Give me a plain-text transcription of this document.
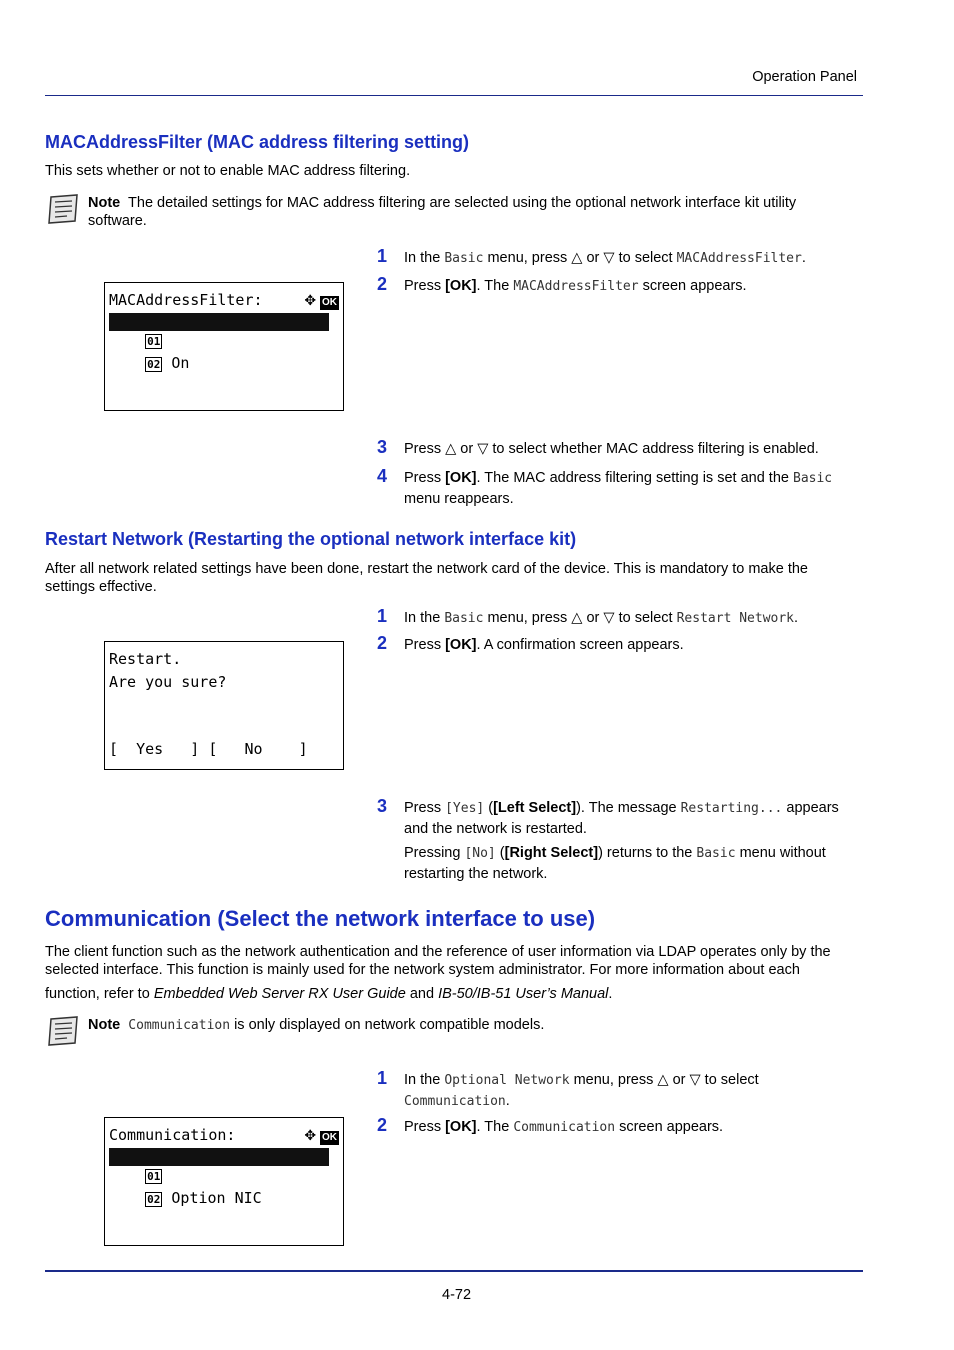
Operation Panel
MACAddressFilter (MAC address filtering setting)
This sets whether or not to enable MAC address filtering.
Note The detailed settings for MAC address filtering are selected using the optional network interface kit utility software.
MACAddressFilter:	✥ OK

01 *Off

02 On

1	In the Basic menu, press △ or ▽ to select MACAddressFilter.
2	Press [OK]. The MACAddressFilter screen appears.
3	Press △ or ▽ to select whether MAC address filtering is enabled.
4	Press [OK]. The MAC address filtering setting is set and the Basic menu reappears.
Restart Network (Restarting the optional network interface kit)
After all network related settings have been done, restart the network card of the device. This is mandatory to make the settings effective.
Restart.
Are you sure?
[  Yes   ] [   No    ]
1	In the Basic menu, press △ or ▽ to select Restart Network.
2	Press [OK]. A confirmation screen appears.
3	Press [Yes] ([Left Select]). The message Restarting... appears and the network is restarted.
Pressing [No] ([Right Select]) returns to the Basic menu without restarting the network.
Communication (Select the network interface to use)
The client function such as the network authentication and the reference of user information via LDAP operates only by the selected interface. This function is mainly used for the network system administrator. For more information about each
function, refer to Embedded Web Server RX User Guide and IB-50/IB-51 User’s Manual.
Note Communication is only displayed on network compatible models.
Communication:	✥ OK

01 *Standard NIC

02 Option NIC

1	In the Optional Network menu, press △ or ▽ to select Communication.
2	Press [OK]. The Communication screen appears.
4-72
